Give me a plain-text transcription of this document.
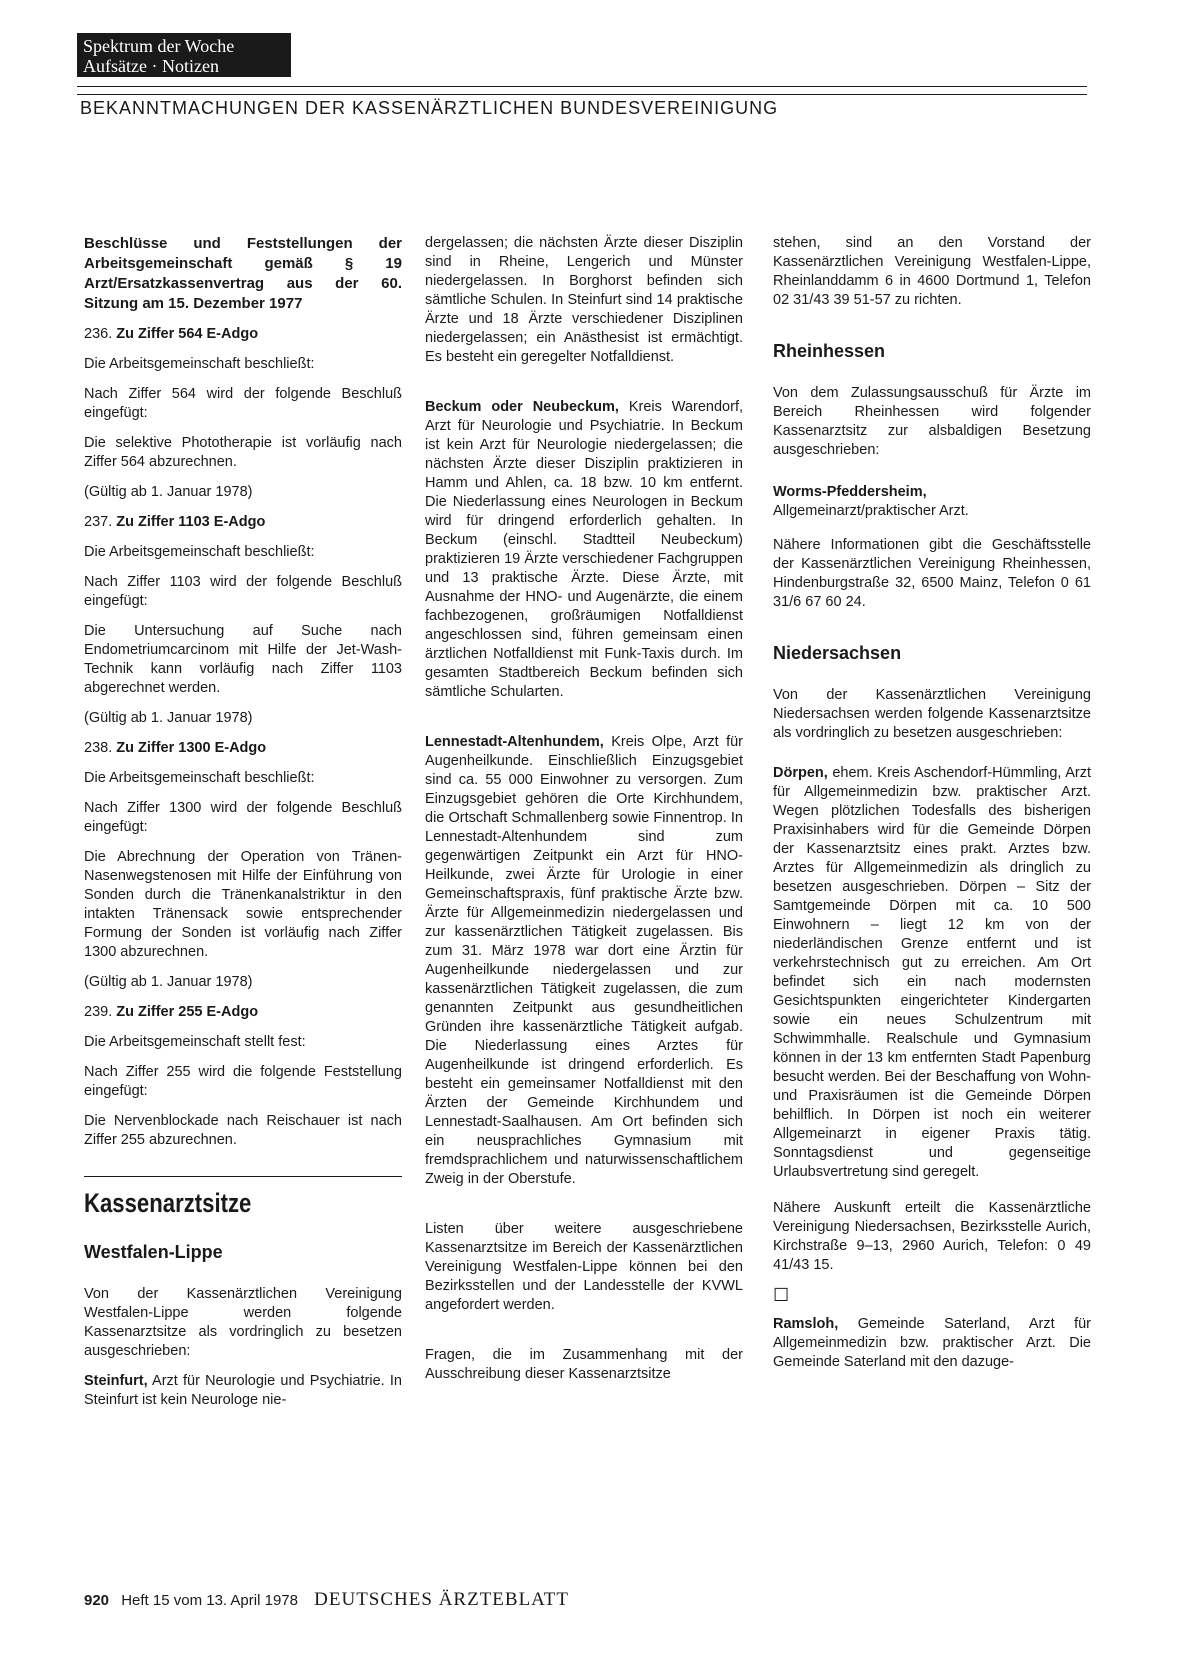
Spektrum der Woche
Aufsätze · Notizen
BEKANNTMACHUNGEN DER KASSENÄRZTLICHEN BUNDESVEREINIGUNG

Beschlüsse und Feststellungen der Arbeitsgemeinschaft gemäß § 19 Arzt/Ersatzkassenvertrag aus der 60. Sitzung am 15. Dezember 1977

236. Zu Ziffer 564 E-Adgo

Die Arbeitsgemeinschaft beschließt:

Nach Ziffer 564 wird der folgende Beschluß eingefügt:

Die selektive Phototherapie ist vorläufig nach Ziffer 564 abzurechnen.

(Gültig ab 1. Januar 1978)

237. Zu Ziffer 1103 E-Adgo

Die Arbeitsgemeinschaft beschließt:

Nach Ziffer 1103 wird der folgende Beschluß eingefügt:

Die Untersuchung auf Suche nach Endometriumcarcinom mit Hilfe der Jet-Wash-Technik kann vorläufig nach Ziffer 1103 abgerechnet werden.

(Gültig ab 1. Januar 1978)

238. Zu Ziffer 1300 E-Adgo

Die Arbeitsgemeinschaft beschließt:

Nach Ziffer 1300 wird der folgende Beschluß eingefügt:

Die Abrechnung der Operation von Tränen-Nasenwegstenosen mit Hilfe der Einführung von Sonden durch die Tränenkanalstriktur in den intakten Tränensack sowie entsprechender Formung der Sonden ist vorläufig nach Ziffer 1300 abzurechnen.

(Gültig ab 1. Januar 1978)

239. Zu Ziffer 255 E-Adgo

Die Arbeitsgemeinschaft stellt fest:

Nach Ziffer 255 wird die folgende Feststellung eingefügt:

Die Nervenblockade nach Reischauer ist nach Ziffer 255 abzurechnen.

Kassenarztsitze
Westfalen-Lippe

Von der Kassenärztlichen Vereinigung Westfalen-Lippe werden folgende Kassenarztsitze als vordringlich zu besetzen ausgeschrieben:

Steinfurt, Arzt für Neurologie und Psychiatrie. In Steinfurt ist kein Neurologe nie-

dergelassen; die nächsten Ärzte dieser Disziplin sind in Rheine, Lengerich und Münster niedergelassen. In Borghorst befinden sich sämtliche Schulen. In Steinfurt sind 14 praktische Ärzte und 18 Ärzte verschiedener Disziplinen niedergelassen; ein Anästhesist ist ermächtigt. Es besteht ein geregelter Notfalldienst.

Beckum oder Neubeckum, Kreis Warendorf, Arzt für Neurologie und Psychiatrie. In Beckum ist kein Arzt für Neurologie niedergelassen; die nächsten Ärzte dieser Disziplin praktizieren in Hamm und Ahlen, ca. 18 bzw. 10 km entfernt. Die Niederlassung eines Neurologen in Beckum wird für dringend erforderlich gehalten. In Beckum (einschl. Stadtteil Neubeckum) praktizieren 19 Ärzte verschiedener Fachgruppen und 13 praktische Ärzte. Diese Ärzte, mit Ausnahme der HNO- und Augenärzte, die einem fachbezogenen, großräumigen Notfalldienst angeschlossen sind, führen gemeinsam einen ärztlichen Notfalldienst mit Funk-Taxis durch. Im gesamten Stadtbereich Beckum befinden sich sämtliche Schularten.

Lennestadt-Altenhundem, Kreis Olpe, Arzt für Augenheilkunde. Einschließlich Einzugsgebiet sind ca. 55 000 Einwohner zu versorgen. Zum Einzugsgebiet gehören die Orte Kirchhundem, die Ortschaft Schmallenberg sowie Finnentrop. In Lennestadt-Altenhundem sind zum gegenwärtigen Zeitpunkt ein Arzt für HNO-Heilkunde, zwei Ärzte für Urologie in einer Gemeinschaftspraxis, fünf praktische Ärzte bzw. Ärzte für Allgemeinmedizin niedergelassen und zur kassenärztlichen Tätigkeit zugelassen. Bis zum 31. März 1978 war dort eine Ärztin für Augenheilkunde niedergelassen und zur kassenärztlichen Tätigkeit zugelassen, die zum genannten Zeitpunkt aus gesundheitlichen Gründen ihre kassenärztliche Tätigkeit aufgab. Die Niederlassung eines Arztes für Augenheilkunde ist dringend erforderlich. Es besteht ein gemeinsamer Notfalldienst mit den Ärzten der Gemeinde Kirchhundem und Lennestadt-Saalhausen. Am Ort befinden sich ein neusprachliches Gymnasium mit fremdsprachlichem und naturwissenschaftlichem Zweig in der Oberstufe.

Listen über weitere ausgeschriebene Kassenarztsitze im Bereich der Kassenärztlichen Vereinigung Westfalen-Lippe können bei den Bezirksstellen und der Landesstelle der KVWL angefordert werden.

Fragen, die im Zusammenhang mit der Ausschreibung dieser Kassenarztsitze

stehen, sind an den Vorstand der Kassenärztlichen Vereinigung Westfalen-Lippe, Rheinlanddamm 6 in 4600 Dortmund 1, Telefon 02 31/43 39 51-57 zu richten.

Rheinhessen

Von dem Zulassungsausschuß für Ärzte im Bereich Rheinhessen wird folgender Kassenarztsitz zur alsbaldigen Besetzung ausgeschrieben:

Worms-Pfeddersheim, Allgemeinarzt/praktischer Arzt.

Nähere Informationen gibt die Geschäftsstelle der Kassenärztlichen Vereinigung Rheinhessen, Hindenburgstraße 32, 6500 Mainz, Telefon 0 61 31/6 67 60 24.

Niedersachsen

Von der Kassenärztlichen Vereinigung Niedersachsen werden folgende Kassenarztsitze als vordringlich zu besetzen ausgeschrieben:

Dörpen, ehem. Kreis Aschendorf-Hümmling, Arzt für Allgemeinmedizin bzw. praktischer Arzt. Wegen plötzlichen Todesfalls des bisherigen Praxisinhabers wird für die Gemeinde Dörpen der Kassenarztsitz eines prakt. Arztes bzw. Arztes für Allgemeinmedizin als dringlich zu besetzen ausgeschrieben. Dörpen – Sitz der Samtgemeinde Dörpen mit ca. 10 500 Einwohnern – liegt 12 km von der niederländischen Grenze entfernt und ist verkehrstechnisch gut zu erreichen. Am Ort befindet sich ein nach modernsten Gesichtspunkten eingerichteter Kindergarten sowie ein neues Schulzentrum mit Schwimmhalle. Realschule und Gymnasium können in der 13 km entfernten Stadt Papenburg besucht werden. Bei der Beschaffung von Wohn- und Praxisräumen ist die Gemeinde Dörpen behilflich. In Dörpen ist noch ein weiterer Allgemeinarzt in eigener Praxis tätig. Sonntagsdienst und gegenseitige Urlaubsvertretung sind geregelt.

Nähere Auskunft erteilt die Kassenärztliche Vereinigung Niedersachsen, Bezirksstelle Aurich, Kirchstraße 9–13, 2960 Aurich, Telefon: 0 49 41/43 15.

☐

Ramsloh, Gemeinde Saterland, Arzt für Allgemeinmedizin bzw. praktischer Arzt. Die Gemeinde Saterland mit den dazuge-

920 Heft 15 vom 13. April 1978 DEUTSCHES ÄRZTEBLATT
